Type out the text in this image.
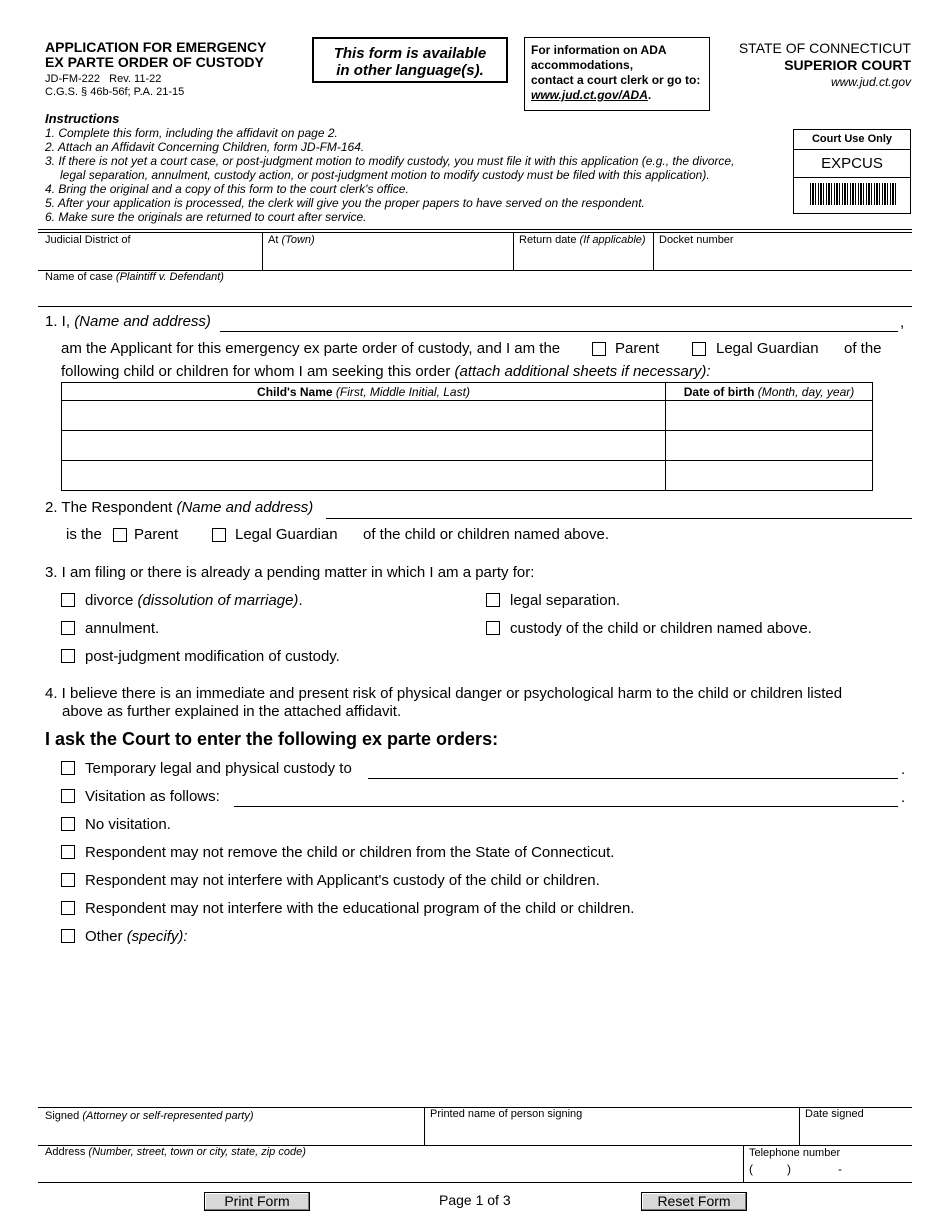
APPLICATION FOR EMERGENCY
EX PARTE ORDER OF CUSTODY
JD-FM-222   Rev. 11-22
C.G.S. § 46b-56f; P.A. 21-15
This form is available
in other language(s).
For information on ADA
accommodations,
contact a court clerk or go to:
www.jud.ct.gov/ADA.
STATE OF CONNECTICUT
SUPERIOR COURT
www.jud.ct.gov
Instructions
1. Complete this form, including the affidavit on page 2.
2. Attach an Affidavit Concerning Children, form JD-FM-164.
3. If there is not yet a court case, or post-judgment motion to modify custody, you must file it with this application (e.g., the divorce,
legal separation, annulment, custody action, or post-judgment motion to modify custody must be filed with this application).
4. Bring the original and a copy of this form to the court clerk's office.
5. After your application is processed, the clerk will give you the proper papers to have served on the respondent.
6. Make sure the originals are returned to court after service.
Court Use Only
EXPCUS
Judicial District of	At (Town)	Return date (If applicable) Docket number
Name of case (Plaintiff v. Defendant)
1. I, (Name and address)	,
am the Applicant for this emergency ex parte order of custody, and I am the	Parent	Legal Guardian of the
following child or children for whom I am seeking this order (attach additional sheets if necessary):
Child's Name (First, Middle Initial, Last)	Date of birth (Month, day, year)

2. The Respondent (Name and address)
is the Parent	Legal Guardian of the child or children named above.
3. I am filing or there is already a pending matter in which I am a party for:
divorce (dissolution of marriage).
annulment.
post-judgment modification of custody.
legal separation.
custody of the child or children named above.
4. I believe there is an immediate and present risk of physical danger or psychological harm to the child or children listed
above as further explained in the attached affidavit.
I ask the Court to enter the following ex parte orders:
Temporary legal and physical custody to	.
Visitation as follows:	.
No visitation.
Respondent may not remove the child or children from the State of Connecticut.
Respondent may not interfere with Applicant's custody of the child or children.
Respondent may not interfere with the educational program of the child or children.
Other (specify):
Signed (Attorney or self-represented party)	Printed name of person signing	Date signed
Address (Number, street, town or city, state, zip code)	Telephone number
(	)	-
Print Form	Page 1 of 3	Reset Form
